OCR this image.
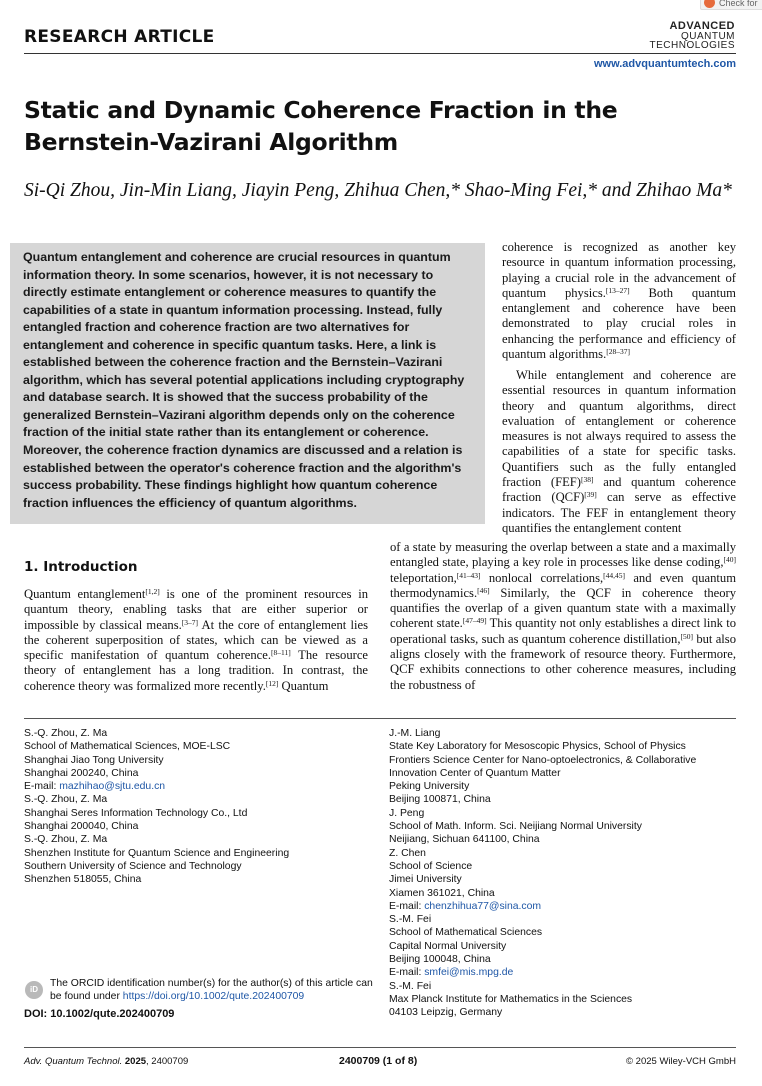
Check for
RESEARCH ARTICLE
ADVANCED
QUANTUM
TECHNOLOGIES
www.advquantumtech.com
Static and Dynamic Coherence Fraction in the Bernstein-Vazirani Algorithm
Si-Qi Zhou, Jin-Min Liang, Jiayin Peng, Zhihua Chen,* Shao-Ming Fei,* and Zhihao Ma*
Quantum entanglement and coherence are crucial resources in quantum information theory. In some scenarios, however, it is not necessary to directly estimate entanglement or coherence measures to quantify the capabilities of a state in quantum information processing. Instead, fully entangled fraction and coherence fraction are two alternatives for entanglement and coherence in specific quantum tasks. Here, a link is established between the coherence fraction and the Bernstein–Vazirani algorithm, which has several potential applications including cryptography and database search. It is showed that the success probability of the generalized Bernstein–Vazirani algorithm depends only on the coherence fraction of the initial state rather than its entanglement or coherence. Moreover, the coherence fraction dynamics are discussed and a relation is established between the operator's coherence fraction and the algorithm's success probability. These findings highlight how quantum coherence fraction influences the efficiency of quantum algorithms.
coherence is recognized as another key resource in quantum information processing, playing a crucial role in the advancement of quantum physics.[13–27] Both quantum entanglement and coherence have been demonstrated to play crucial roles in enhancing the performance and efficiency of quantum algorithms.[28–37]
While entanglement and coherence are essential resources in quantum information theory and quantum algorithms, direct evaluation of entanglement or coherence measures is not always required to assess the capabilities of a state for specific tasks. Quantifiers such as the fully entangled fraction (FEF)[38] and quantum coherence fraction (QCF)[39] can serve as effective indicators. The FEF in entanglement theory quantifies the entanglement content
of a state by measuring the overlap between a state and a maximally entangled state, playing a key role in processes like dense coding,[40] teleportation,[41–43] nonlocal correlations,[44,45] and even quantum thermodynamics.[46] Similarly, the QCF in coherence theory quantifies the overlap of a given quantum state with a maximally coherent state.[47–49] This quantity not only establishes a direct link to operational tasks, such as quantum coherence distillation,[50] but also aligns closely with the framework of resource theory. Furthermore, QCF exhibits connections to other coherence measures, including the robustness of
1. Introduction
Quantum entanglement[1,2] is one of the prominent resources in quantum theory, enabling tasks that are either superior or impossible by classical means.[3–7] At the core of entanglement lies the coherent superposition of states, which can be viewed as a specific manifestation of quantum coherence.[8–11] The resource theory of entanglement has a long tradition. In contrast, the coherence theory was formalized more recently.[12] Quantum
S.-Q. Zhou, Z. Ma
School of Mathematical Sciences, MOE-LSC
Shanghai Jiao Tong University
Shanghai 200240, China
E-mail: mazhihao@sjtu.edu.cn
S.-Q. Zhou, Z. Ma
Shanghai Seres Information Technology Co., Ltd
Shanghai 200040, China
S.-Q. Zhou, Z. Ma
Shenzhen Institute for Quantum Science and Engineering
Southern University of Science and Technology
Shenzhen 518055, China
J.-M. Liang
State Key Laboratory for Mesoscopic Physics, School of Physics
Frontiers Science Center for Nano-optoelectronics, & Collaborative
Innovation Center of Quantum Matter
Peking University
Beijing 100871, China
J. Peng
School of Math. Inform. Sci. Neijiang Normal University
Neijiang, Sichuan 641100, China
Z. Chen
School of Science
Jimei University
Xiamen 361021, China
E-mail: chenzhihua77@sina.com
S.-M. Fei
School of Mathematical Sciences
Capital Normal University
Beijing 100048, China
E-mail: smfei@mis.mpg.de
S.-M. Fei
Max Planck Institute for Mathematics in the Sciences
04103 Leipzig, Germany
iD
The ORCID identification number(s) for the author(s) of this article can be found under https://doi.org/10.1002/qute.202400709
DOI: 10.1002/qute.202400709
Adv. Quantum Technol. 2025, 2400709	2400709 (1 of 8)	© 2025 Wiley-VCH GmbH
